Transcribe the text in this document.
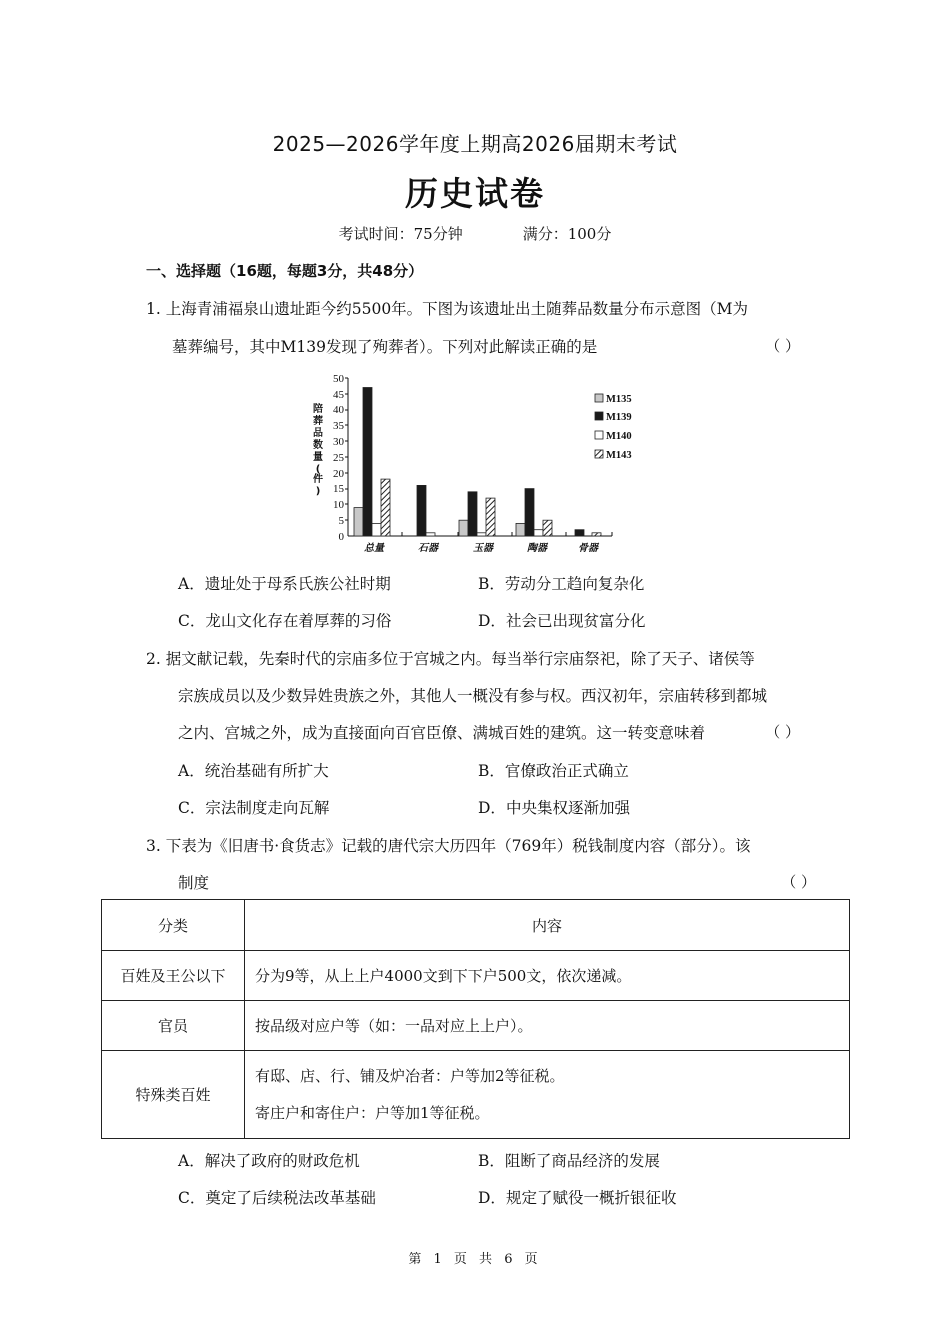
2025—2026学年度上期高2026届期末考试
历史试卷
考试时间：75分钟	满分：100分
一、选择题（16题，每题3分，共48分）
1. 上海青浦福泉山遗址距今约5500年。下图为该遗址出土随葬品数量分布示意图（M为
墓葬编号，其中M139发现了殉葬者）。下列对此解读正确的是	（ ）
0
5
10
15
20
25
30
35
40
45
50
陪
葬
品
数
量
(
件
)
总量	石器	玉器	陶器	骨器
M135
M139
M140
M143
A．遗址处于母系氏族公社时期	B．劳动分工趋向复杂化
C．龙山文化存在着厚葬的习俗	D．社会已出现贫富分化
2. 据文献记载，先秦时代的宗庙多位于宫城之内。每当举行宗庙祭祀，除了天子、诸侯等
宗族成员以及少数异姓贵族之外，其他人一概没有参与权。西汉初年，宗庙转移到都城
之内、宫城之外，成为直接面向百官臣僚、满城百姓的建筑。这一转变意味着	（ ）
A．统治基础有所扩大	B．官僚政治正式确立
C．宗法制度走向瓦解	D．中央集权逐渐加强
3. 下表为《旧唐书·食货志》记载的唐代宗大历四年（769年）税钱制度内容（部分）。该
制度	（ ）
分类	内容
百姓及王公以下	分为9等，从上上户4000文到下下户500文，依次递减。
官员	按品级对应户等（如：一品对应上上户）。
特殊类百姓	有邸、店、行、铺及炉冶者：户等加2等征税。
寄庄户和寄住户：户等加1等征税。
A．解决了政府的财政危机	B．阻断了商品经济的发展
C．奠定了后续税法改革基础	D．规定了赋役一概折银征收
第 1 页 共 6 页
